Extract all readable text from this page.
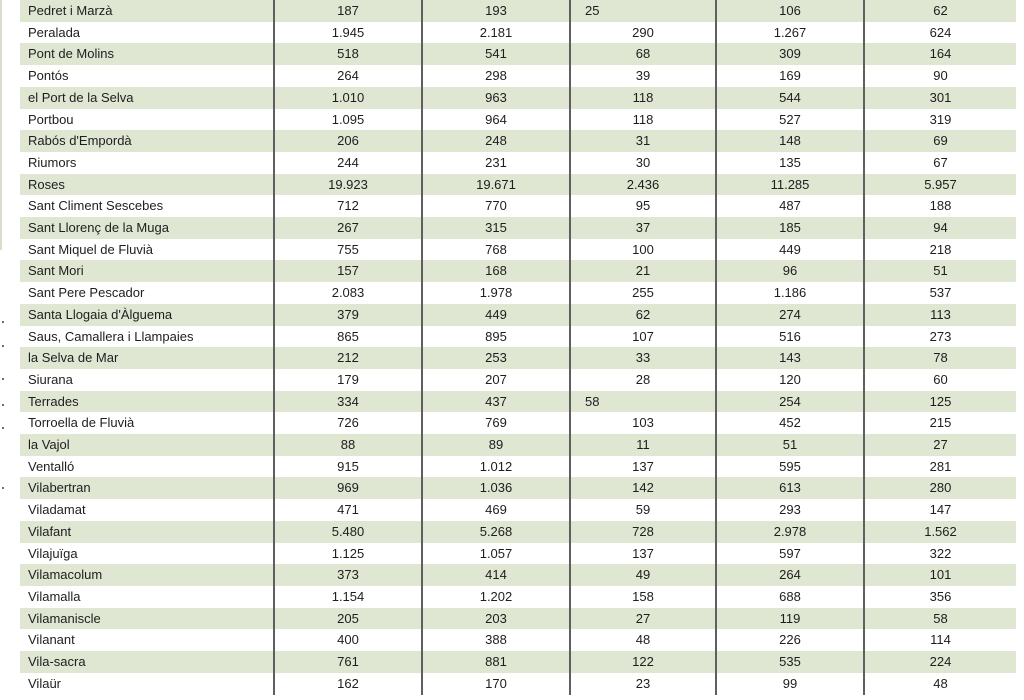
Pedret i Marzà	187	193	25	106	62
Peralada	1.945	2.181	290	1.267	624
Pont de Molins	518	541	68	309	164
Pontós	264	298	39	169	90
el Port de la Selva	1.010	963	118	544	301
Portbou	1.095	964	118	527	319
Rabós d'Empordà	206	248	31	148	69
Riumors	244	231	30	135	67
Roses	19.923	19.671	2.436	11.285	5.957
Sant Climent Sescebes	712	770	95	487	188
Sant Llorenç de la Muga	267	315	37	185	94
Sant Miquel de Fluvià	755	768	100	449	218
Sant Mori	157	168	21	96	51
Sant Pere Pescador	2.083	1.978	255	1.186	537
Santa Llogaia d'Àlguema	379	449	62	274	113
Saus, Camallera i Llampaies	865	895	107	516	273
la Selva de Mar	212	253	33	143	78
Siurana	179	207	28	120	60
Terrades	334	437	58	254	125
Torroella de Fluvià	726	769	103	452	215
la Vajol	88	89	11	51	27
Ventalló	915	1.012	137	595	281
Vilabertran	969	1.036	142	613	280
Viladamat	471	469	59	293	147
Vilafant	5.480	5.268	728	2.978	1.562
Vilajuïga	1.125	1.057	137	597	322
Vilamacolum	373	414	49	264	101
Vilamalla	1.154	1.202	158	688	356
Vilamaniscle	205	203	27	119	58
Vilanant	400	388	48	226	114
Vila-sacra	761	881	122	535	224
Vilaür	162	170	23	99	48
